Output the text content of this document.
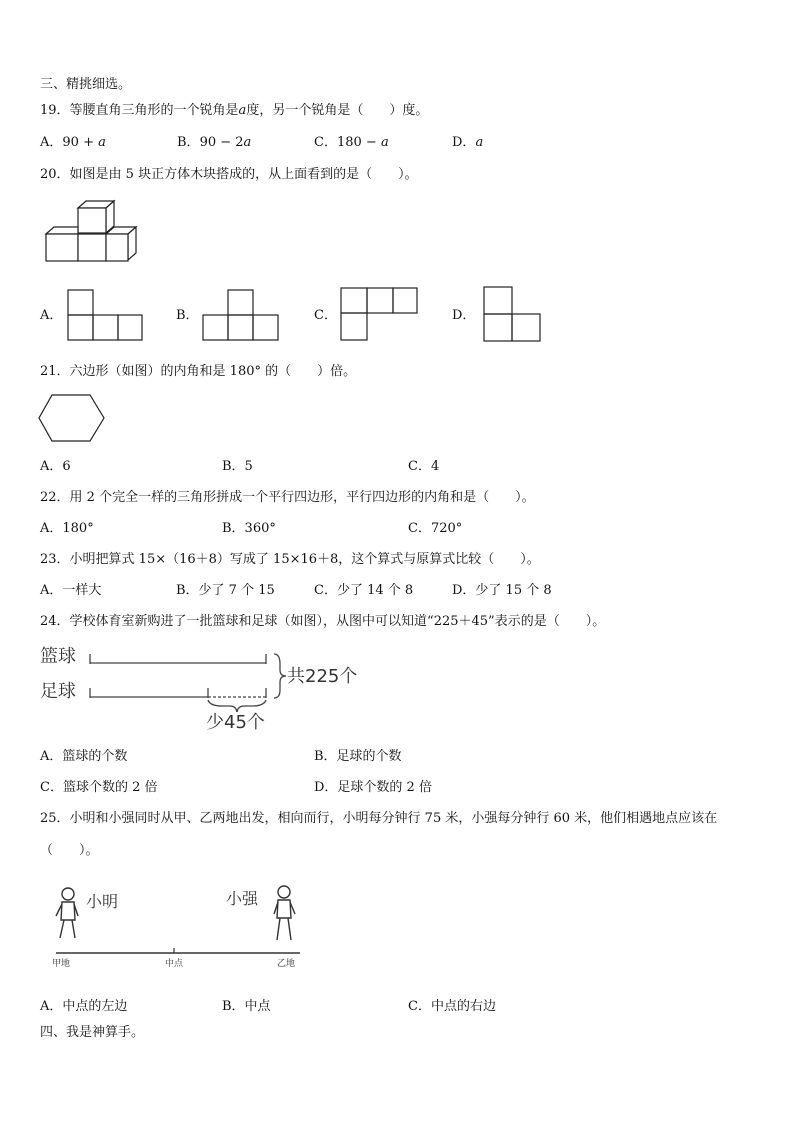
三、精挑细选。
19．等腰直角三角形的一个锐角是a度，另一个锐角是（　　）度。
A．90 + a	B．90 − 2a	C．180 − a	D．a
20．如图是由 5 块正方体木块搭成的，从上面看到的是（　　）。
A．	B．	C．	D．
21．六边形（如图）的内角和是 180° 的（　　）倍。
A．6	B．5	C．4
22．用 2 个完全一样的三角形拼成一个平行四边形，平行四边形的内角和是（　　）。
A．180°	B．360°	C．720°
23．小明把算式 15×（16＋8）写成了 15×16＋8，这个算式与原算式比较（　　）。
A．一样大	B．少了 7 个 15	C．少了 14 个 8	D．少了 15 个 8
24．学校体育室新购进了一批篮球和足球（如图），从图中可以知道“225＋45”表示的是（　　）。
篮球
足球
共225个
少45个
A．篮球的个数	B．足球的个数
C．篮球个数的 2 倍	D．足球个数的 2 倍
25．小明和小强同时从甲、乙两地出发，相向而行，小明每分钟行 75 米，小强每分钟行 60 米，他们相遇地点应该在
（　　）。
小明	小强
甲地	中点	乙地
A．中点的左边	B．中点	C．中点的右边
四、我是神算手。
